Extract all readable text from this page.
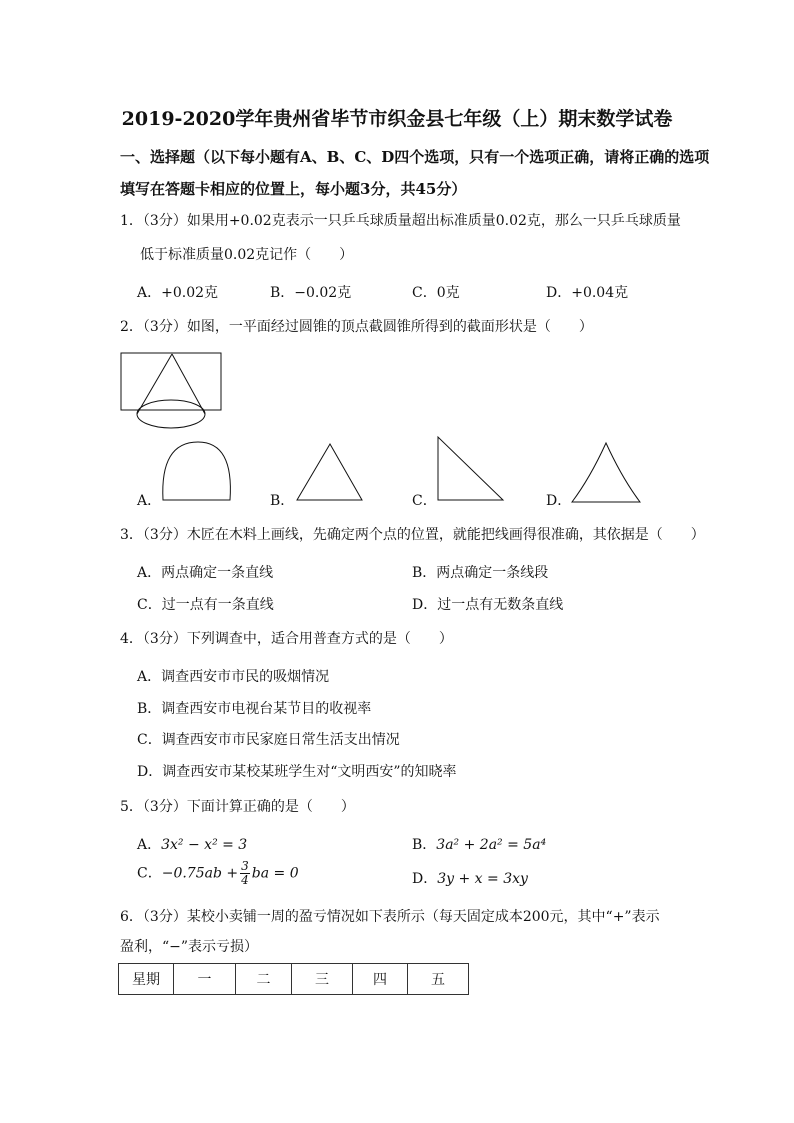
2019-2020学年贵州省毕节市织金县七年级（上）期末数学试卷
一、选择题（以下每小题有A、B、C、D四个选项，只有一个选项正确，请将正确的选项
填写在答题卡相应的位置上，每小题3分，共45分）
1．（3分）如果用+0.02克表示一只乒乓球质量超出标准质量0.02克，那么一只乒乓球质量
低于标准质量0.02克记作（　　）
A．+0.02克	B．−0.02克	C．0克	D．+0.04克
2．（3分）如图，一平面经过圆锥的顶点截圆锥所得到的截面形状是（　　）
A．	B．	C．	D．
3．（3分）木匠在木料上画线，先确定两个点的位置，就能把线画得很准确，其依据是（　　）
A．两点确定一条直线	B．两点确定一条线段
C．过一点有一条直线	D．过一点有无数条直线
4．（3分）下列调查中，适合用普查方式的是（　　）
A．调查西安市市民的吸烟情况
B．调查西安市电视台某节目的收视率
C．调查西安市市民家庭日常生活支出情况
D．调查西安市某校某班学生对“文明西安”的知晓率
5．（3分）下面计算正确的是（　　）
A．3x² − x² = 3	B．3a² + 2a² = 5a⁴
C．$-0.75ab + \frac{3}{4}$ ba = 0	D．3y + x = 3xy
6．（3分）某校小卖铺一周的盈亏情况如下表所示（每天固定成本200元，其中“+”表示
盈利，“−”表示亏损）
星期	一	二	三	四	五
